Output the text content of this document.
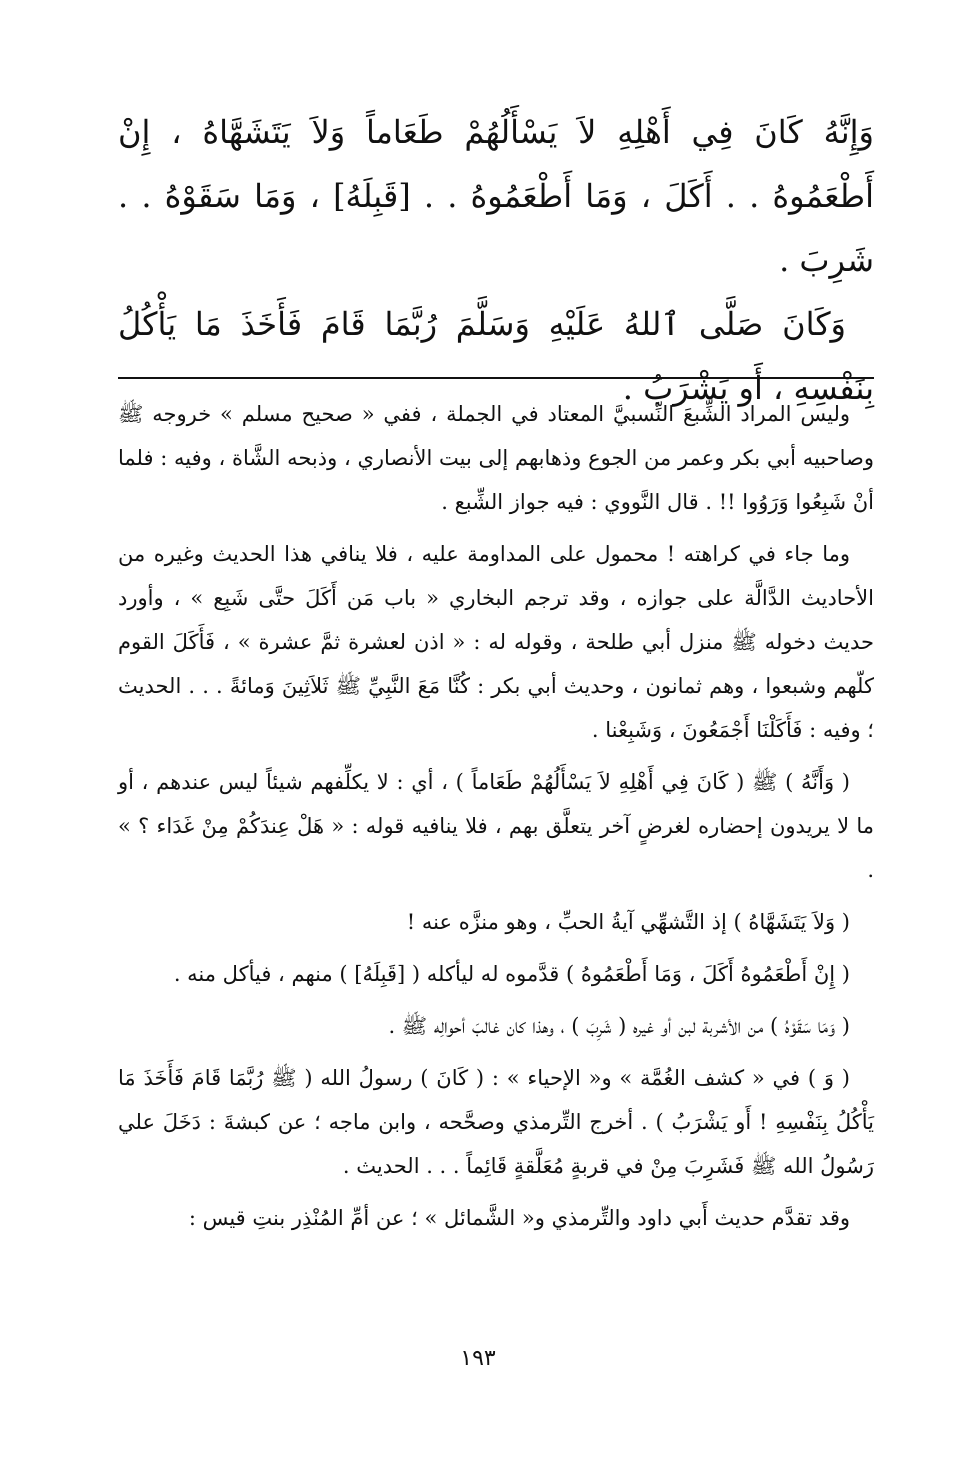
وَإِنَّهُ كَانَ فِي أَهْلِهِ لاَ يَسْأَلُهُمْ طَعَاماً وَلاَ يَتَشَهَّاهُ ، إِنْ أَطْعَمُوهُ . . أَكَلَ ، وَمَا أَطْعَمُوهُ . . [قَبِلَهُ] ، وَمَا سَقَوْهُ . . شَرِبَ .

وَكَانَ صَلَّى ٱللهُ عَلَيْهِ وَسَلَّمَ رُبَّمَا قَامَ فَأَخَذَ مَا يَأْكُلُ بِنَفْسِهِ ، أَو يَشْرَبُ .

وليس المراد الشِّبعَ النِّسبيَّ المعتاد في الجملة ، ففي « صحيح مسلم » خروجه ﷺ وصاحبيه أبي بكر وعمر من الجوع وذهابهم إلى بيت الأنصاري ، وذبحه الشَّاة ، وفيه : فلما أنْ شَبِعُوا وَرَوُوا !! . قال النَّووي : فيه جواز الشِّبع .

وما جاء في كراهته ! محمول على المداومة عليه ، فلا ينافي هذا الحديث وغيره من الأحاديث الدَّالَّة على جوازه ، وقد ترجم البخاري « باب مَن أَكَلَ حتَّى شَبِع » ، وأورد حديث دخوله ﷺ منزل أبي طلحة ، وقوله له : « اذن لعشرة ثمَّ عشرة » ، فَأَكَلَ القوم كلّهم وشبعوا ، وهم ثمانون ، وحديث أبي بكر : كُنَّا مَعَ النَّبِيِّ ﷺ ثَلاَثِينَ وَمائةً . . . الحديث ؛ وفيه : فَأَكَلْنَا أَجْمَعُونَ ، وَشَبِعْنا .

( وَأَنَّهُ ) ﷺ ( كَانَ فِي أَهْلِهِ لاَ يَسْأَلُهُمْ طَعَاماً ) ، أي : لا يكلِّفهم شيئاً ليس عندهم ، أو ما لا يريدون إحضاره لغرضٍ آخر يتعلَّق بهم ، فلا ينافيه قوله : « هَلْ عِندَكُمْ مِنْ غَدَاء ؟ » .

( وَلاَ يَتَشَهَّاهُ ) إذ التَّشهِّي آيةُ الحبِّ ، وهو منزَّه عنه !

( إِنْ أَطْعَمُوهُ أَكَلَ ، وَمَا أَطْعَمُوهُ ) قدَّموه له ليأكله ( [قَبِلَهُ] ) منهم ، فيأكل منه .

( وَمَا سَقَوْهُ ) من الأشربة لبن أو غيره ( شَرِبَ ) ، وهذا كان غالبَ أحوالِه ﷺ .

( وَ ) في « كشف الغُمَّة » و« الإحياء » : ( كَانَ ) رسولُ الله ( ﷺ رُبَّمَا قَامَ فَأَخَذَ مَا يَأْكُلُ بِنَفْسِهِ ! أَو يَشْرَبُ ) . أخرج التِّرمذي وصحَّحه ، وابن ماجه ؛ عن كبشةَ : دَخَلَ علي رَسُولُ الله ﷺ فَشَرِبَ مِنْ في قربةٍ مُعَلَّقةٍ قَائِماً . . . الحديث .

وقد تقدَّم حديث أَبي داود والتِّرمذي و« الشَّمائل » ؛ عن أمِّ المُنْذِر بنتِ قيس :

١٩٣
